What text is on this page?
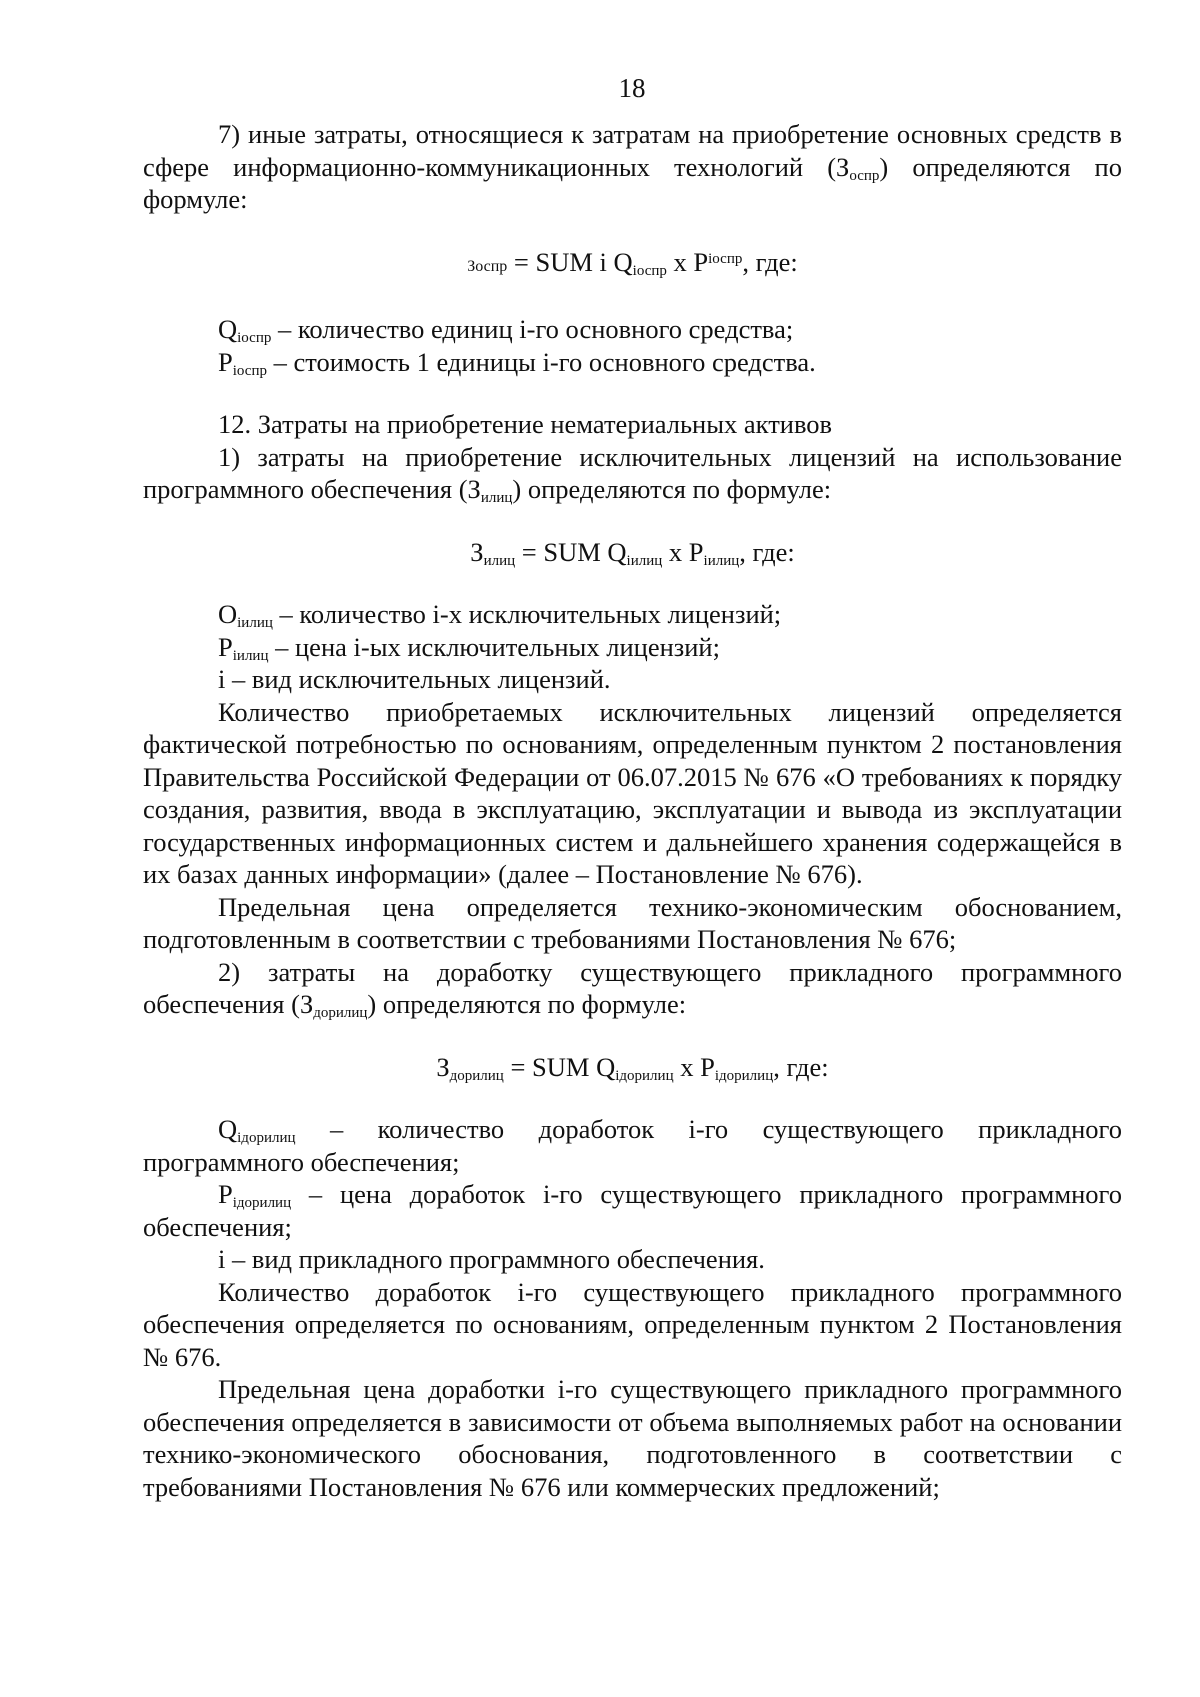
18

7) иные затраты, относящиеся к затратам на приобретение основных средств в сфере информационно-коммуникационных технологий $(З_{оспр})$ определяются по формуле:

Зоспр = SUM i $Q_{iоспр}$ x $P^{iоспр}$, где:

$Q_{iоспр}$ – количество единиц i-го основного средства;

$P_{iоспр}$ – стоимость 1 единицы i-го основного средства.

12. Затраты на приобретение нематериальных активов

1) затраты на приобретение исключительных лицензий на использование программного обеспечения $(З_{илиц})$ определяются по формуле:

$З_{илиц}$ = SUM $Q_{iилиц}$ x $P_{iилиц}$, где:

$O_{iилиц}$ – количество i-х исключительных лицензий;

$P_{iилиц}$ – цена i-ых исключительных лицензий;

i – вид исключительных лицензий.

Количество приобретаемых исключительных лицензий определяется фактической потребностью по основаниям, определенным пунктом 2 постановления Правительства Российской Федерации от 06.07.2015 № 676 «О требованиях к порядку создания, развития, ввода в эксплуатацию, эксплуатации и вывода из эксплуатации государственных информационных систем и дальнейшего хранения содержащейся в их базах данных информации» (далее – Постановление № 676).

Предельная цена определяется технико-экономическим обоснованием, подготовленным в соответствии с требованиями Постановления № 676;

2) затраты на доработку существующего прикладного программного обеспечения $(З_{дорилиц})$ определяются по формуле:

$З_{дорилиц}$ = SUM $Q_{iдорилиц}$ x $P_{iдорилиц}$, где:

$Q_{iдорилиц}$ – количество доработок i-го существующего прикладного программного обеспечения;

$P_{iдорилиц}$ – цена доработок i-го существующего прикладного программного обеспечения;

i – вид прикладного программного обеспечения.

Количество доработок i-го существующего прикладного программного обеспечения определяется по основаниям, определенным пунктом 2 Постановления № 676.

Предельная цена доработки i-го существующего прикладного программного обеспечения определяется в зависимости от объема выполняемых работ на основании технико-экономического обоснования, подготовленного в соответствии с требованиями Постановления № 676 или коммерческих предложений;
